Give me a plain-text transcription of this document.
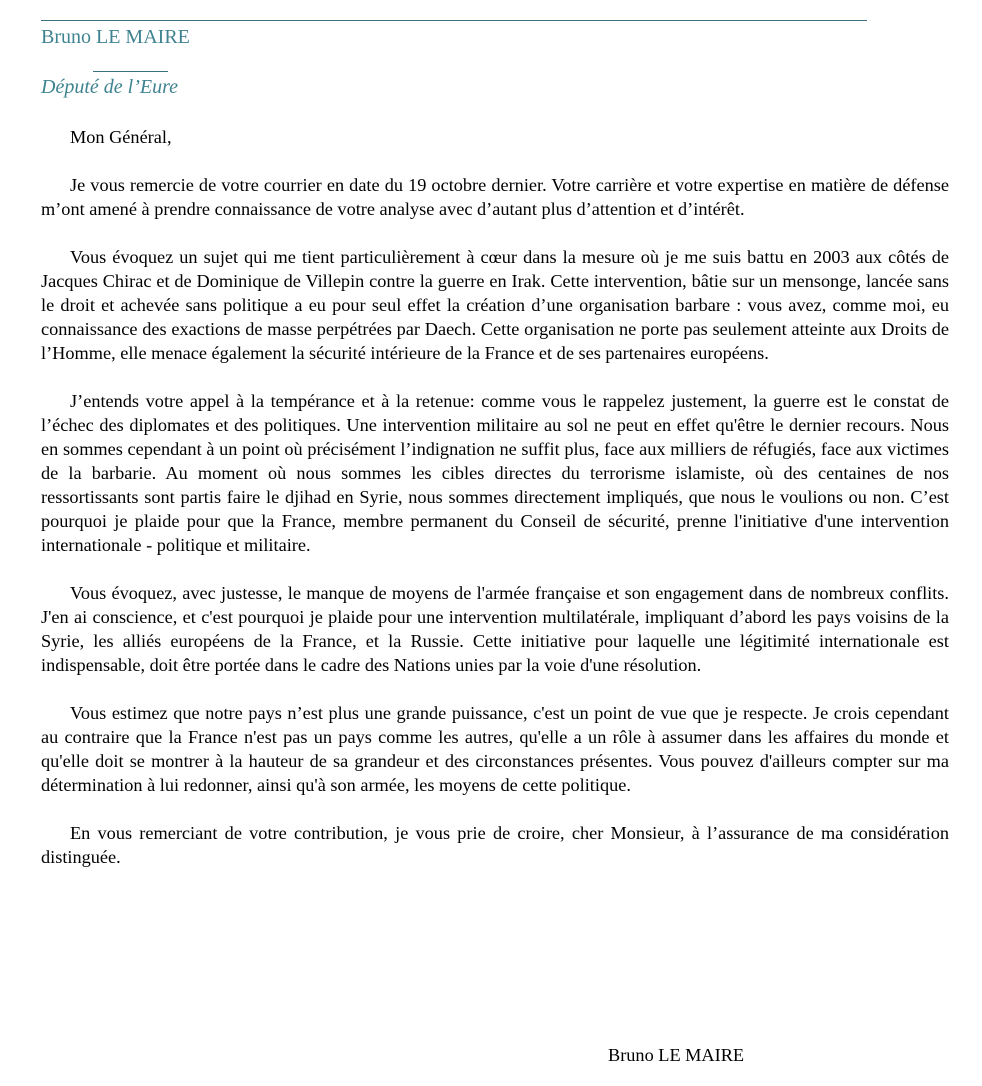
Bruno LE MAIRE
Député de l’Eure
Mon Général,

Je vous remercie de votre courrier en date du 19 octobre dernier. Votre carrière et votre expertise en matière de défense m’ont amené à prendre connaissance de votre analyse avec d’autant plus d’attention et d’intérêt.

Vous évoquez un sujet qui me tient particulièrement à cœur dans la mesure où je me suis battu en 2003 aux côtés de Jacques Chirac et de Dominique de Villepin contre la guerre en Irak. Cette intervention, bâtie sur un mensonge, lancée sans le droit et achevée sans politique a eu pour seul effet la création d’une organisation barbare : vous avez, comme moi, eu connaissance des exactions de masse perpétrées par Daech. Cette organisation ne porte pas seulement atteinte aux Droits de l’Homme, elle menace également la sécurité intérieure de la France et de ses partenaires européens.

J’entends votre appel à la tempérance et à la retenue: comme vous le rappelez justement, la guerre est le constat de l’échec des diplomates et des politiques. Une intervention militaire au sol ne peut en effet qu'être le dernier recours. Nous en sommes cependant à un point où précisément l’indignation ne suffit plus, face aux milliers de réfugiés, face aux victimes de la barbarie. Au moment où nous sommes les cibles directes du terrorisme islamiste, où des centaines de nos ressortissants sont partis faire le djihad en Syrie, nous sommes directement impliqués, que nous le voulions ou non. C’est pourquoi je plaide pour que la France, membre permanent du Conseil de sécurité, prenne l'initiative d'une intervention internationale - politique et militaire.

Vous évoquez, avec justesse, le manque de moyens de l'armée française et son engagement dans de nombreux conflits. J'en ai conscience, et c'est pourquoi je plaide pour une intervention multilatérale, impliquant d’abord les pays voisins de la Syrie, les alliés européens de la France, et la Russie. Cette initiative pour laquelle une légitimité internationale est indispensable, doit être portée dans le cadre des Nations unies par la voie d'une résolution.

Vous estimez que notre pays n’est plus une grande puissance, c'est un point de vue que je respecte. Je crois cependant au contraire que la France n'est pas un pays comme les autres, qu'elle a un rôle à assumer dans les affaires du monde et qu'elle doit se montrer à la hauteur de sa grandeur et des circonstances présentes. Vous pouvez d'ailleurs compter sur ma détermination à lui redonner, ainsi qu'à son armée, les moyens de cette politique.

En vous remerciant de votre contribution, je vous prie de croire, cher Monsieur, à l’assurance de ma considération distinguée.

Bruno LE MAIRE
